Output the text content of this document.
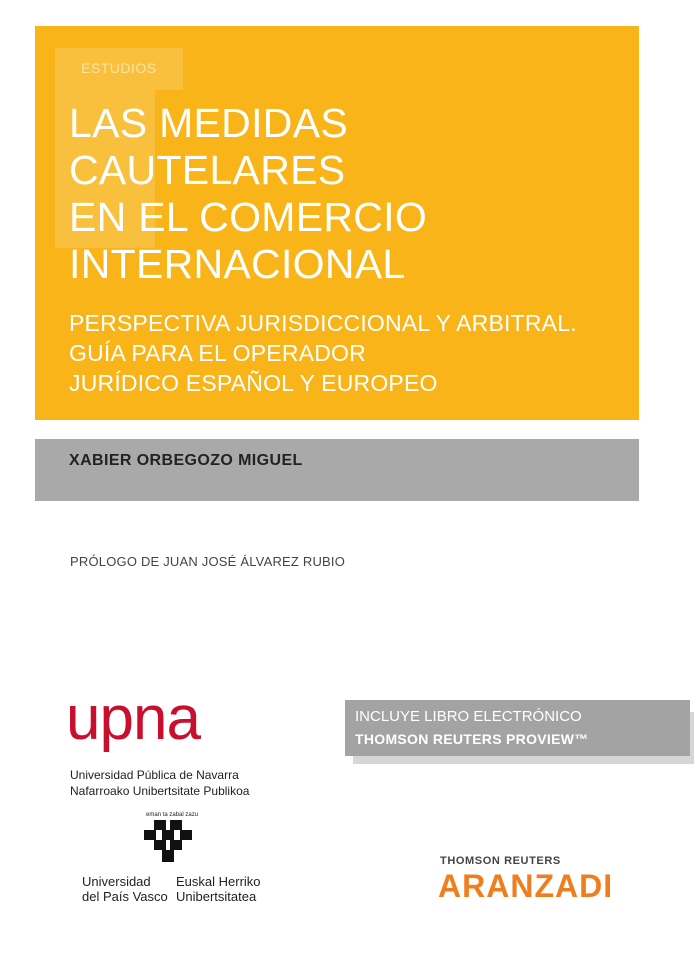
ESTUDIOS
LAS MEDIDAS
CAUTELARES
EN EL COMERCIO
INTERNACIONAL
PERSPECTIVA JURISDICCIONAL Y ARBITRAL.
GUÍA PARA EL OPERADOR
JURÍDICO ESPAÑOL Y EUROPEO
XABIER ORBEGOZO MIGUEL
PRÓLOGO DE JUAN JOSÉ ÁLVAREZ RUBIO
upna
Universidad Pública de Navarra
Nafarroako Unibertsitate Publikoa
eman ta zabal zazu
Universidad
del País Vasco
Euskal Herriko
Unibertsitatea
INCLUYE LIBRO ELECTRÓNICO
THOMSON REUTERS PROVIEW™
THOMSON REUTERS
ARANZADI
